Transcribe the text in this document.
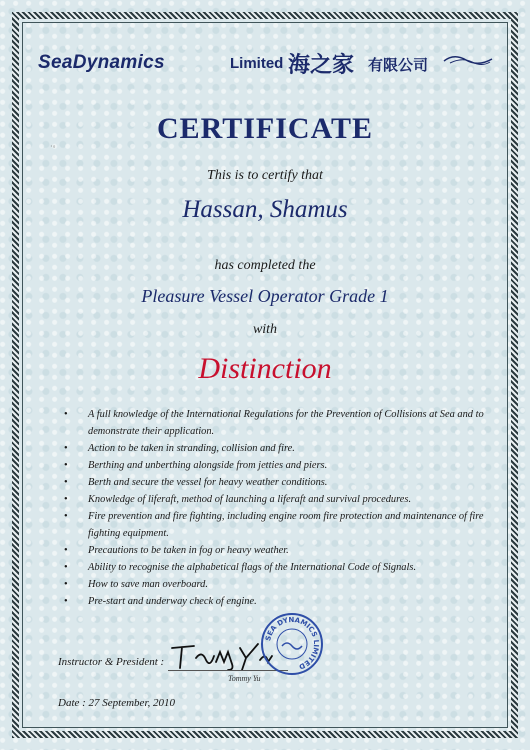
SeaDynamics	Limited 海之家 有限公司
·◦
CERTIFICATE
This is to certify that
Hassan, Shamus
has completed the
Pleasure Vessel Operator Grade 1
with
Distinction
• A full knowledge of the International Regulations for the Prevention of Collisions at Sea and to demonstrate their application.
• Action to be taken in stranding, collision and fire.
• Berthing and unberthing alongside from jetties and piers.
• Berth and secure the vessel for heavy weather conditions.
• Knowledge of liferaft, method of launching a liferaft and survival procedures.
• Fire prevention and fire fighting, including engine room fire protection and maintenance of fire fighting equipment.
• Precautions to be taken in fog or heavy weather.
• Ability to recognise the alphabetical flags of the International Code of Signals.
• How to save man overboard.
• Pre-start and underway check of engine.
Instructor & President :
Tommy Yu
SEA DYNAMICS LIMITED
Date : 27 September, 2010
